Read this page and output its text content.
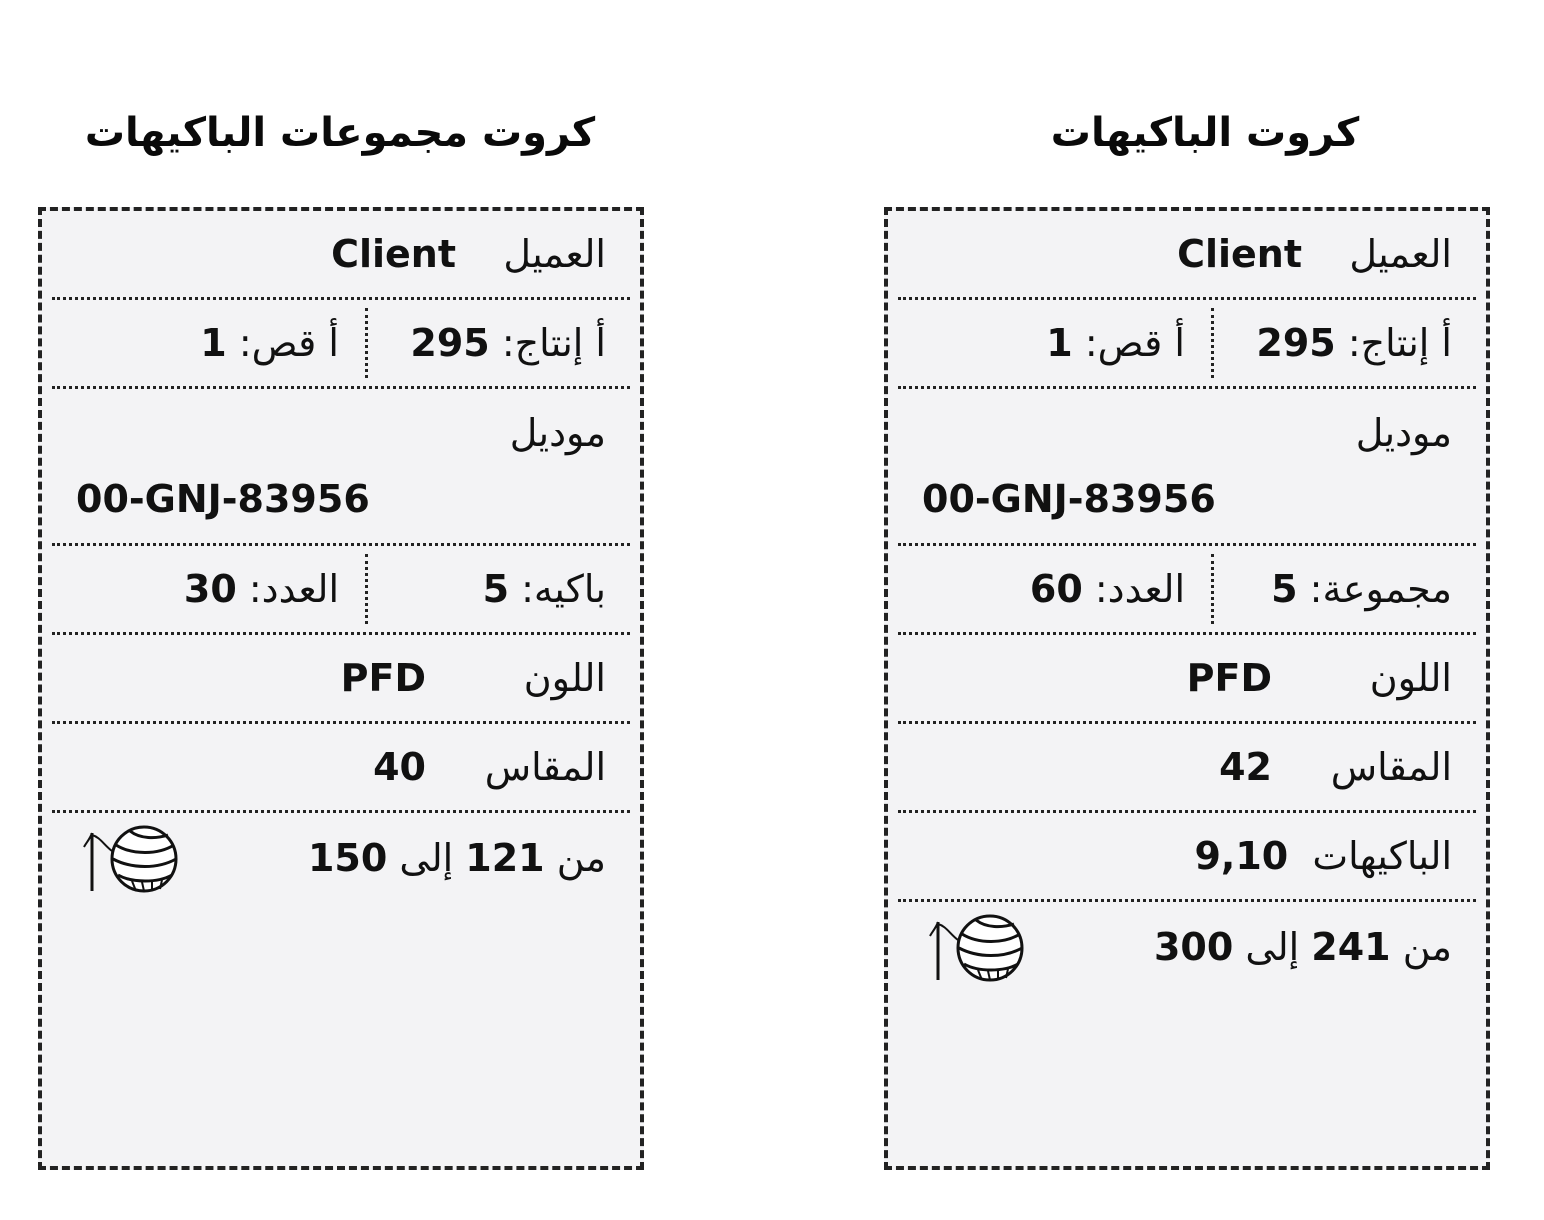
كروت الباكيهات
كروت مجموعات الباكيهات
العميل
Client
أ إنتاج:

295
أ قص:

1
موديل
00-GNJ-83956
مجموعة:

5
العدد:

60
اللون
PFD
المقاس
42
الباكيهات

9,10
من 241 إلى 300
العميل
Client
أ إنتاج:

295
أ قص:

1
موديل
00-GNJ-83956
باكيه:

5
العدد:

30
اللون
PFD
المقاس
40
من 121 إلى 150
